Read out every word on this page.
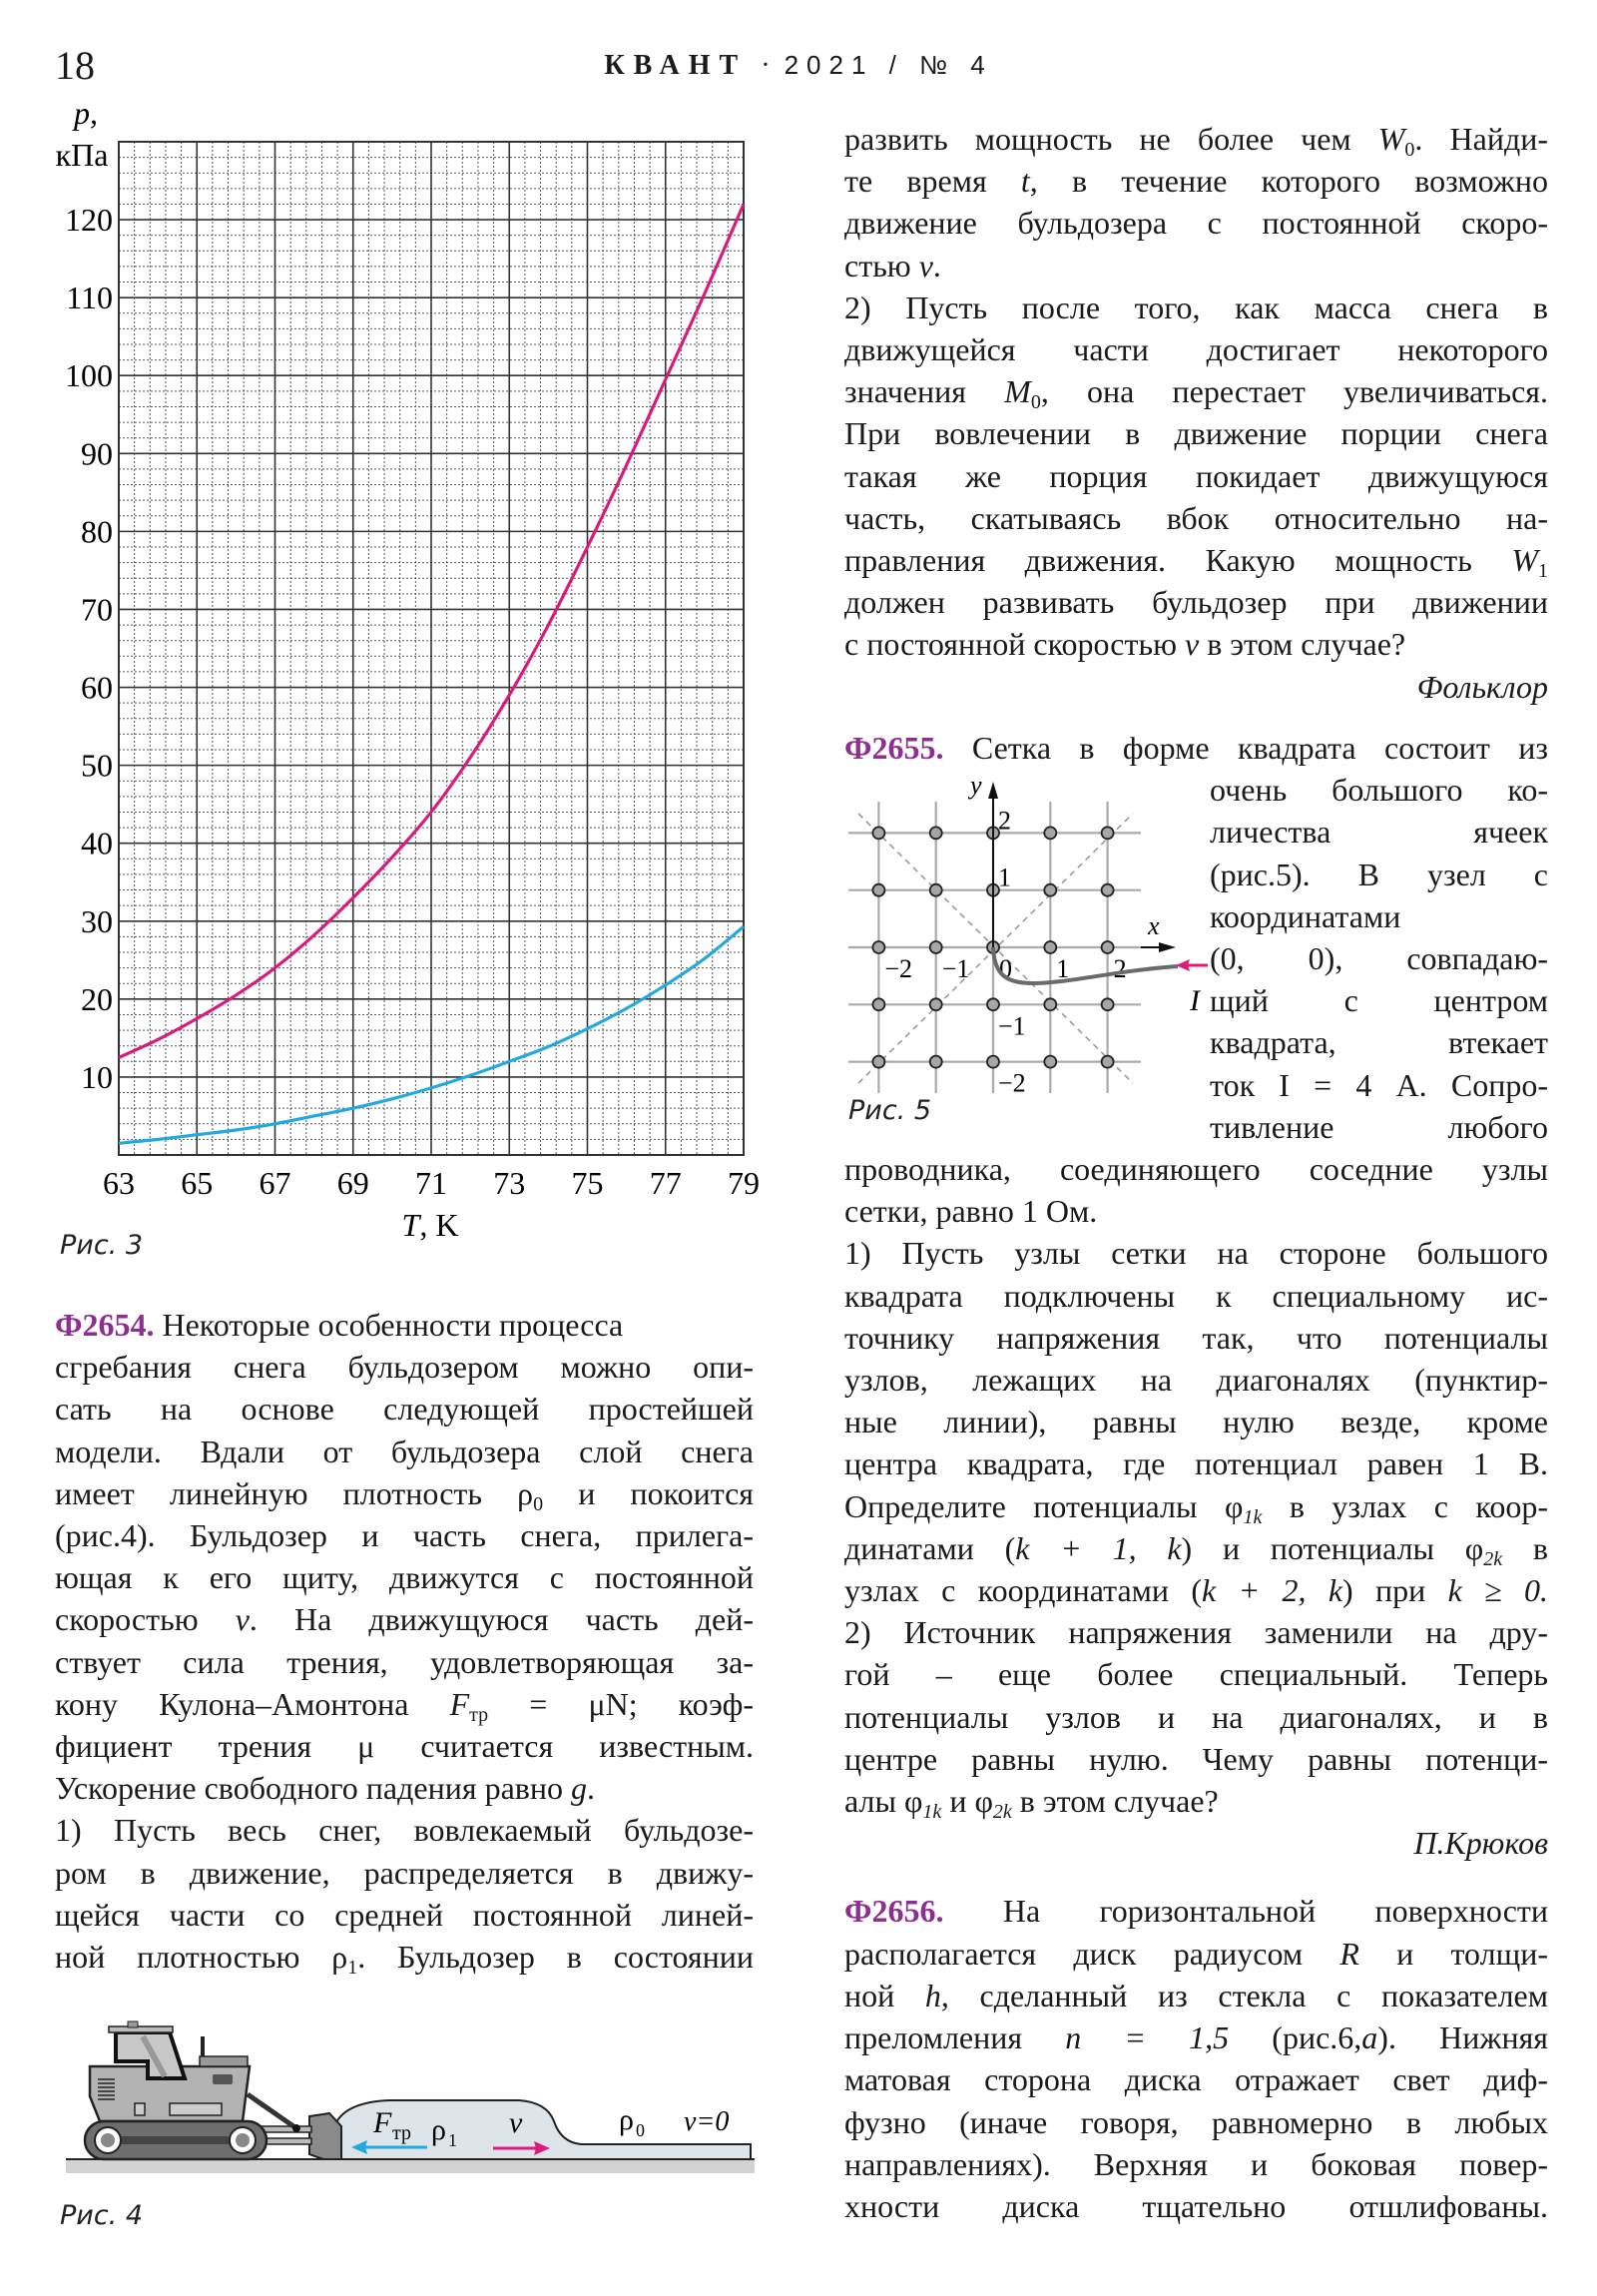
18	КВАНТ · 2021 / № 4
10
20
30
40
50
60
70
80
90
100
110
120
63 65 67 69 71 73 75 77 79
p,
кПа
T, K
Рис. 3

Ф2654. Некоторые особенности процесса

сгребания снега бульдозером можно опи-

сать на основе следующей простейшей

модели. Вдали от бульдозера слой снега

имеет линейную плотность $\rho_0$ и покоится

(рис.4). Бульдозер и часть снега, прилега-

ющая к его щиту, движутся с постоянной

скоростью v. На движущуюся часть дей-

ствует сила трения, удовлетворяющая за-

кону Кулона–Амонтона $F_{тр} = \mu N$; коэф-

фициент трения μ считается известным.

Ускорение свободного падения равно g.

1) Пусть весь снег, вовлекаемый бульдозе-

ром в движение, распределяется в движу-

щейся части со средней постоянной линей-

ной плотностью $\rho_1$. Бульдозер в состоянии

F тр ρ 1
v	ρ 0 v=0
Рис. 4

развить мощность не более чем $W_0$. Найди-

те время t, в течение которого возможно

движение бульдозера с постоянной скоро-

стью v.

2) Пусть после того, как масса снега в

движущейся части достигает некоторого

значения $M_0$, она перестает увеличиваться.

При вовлечении в движение порции снега

такая же порция покидает движущуюся

часть, скатываясь вбок относительно на-

правления движения. Какую мощность $W_1$

должен развивать бульдозер при движении

с постоянной скоростью v в этом случае?

Фольклор

Ф2655. Сетка в форме квадрата состоит из

очень большого ко-

личества ячеек

(рис.5). В узел с

координатами

(0, 0), совпадаю-

щий с центром

квадрата, втекает

ток I = 4 А. Сопро-

тивление любого

проводника, соединяющего соседние узлы

сетки, равно 1 Ом.

1) Пусть узлы сетки на стороне большого

квадрата подключены к специальному ис-

точнику напряжения так, что потенциалы

узлов, лежащих на диагоналях (пунктир-

ные линии), равны нулю везде, кроме

центра квадрата, где потенциал равен 1 В.

Определите потенциалы $\varphi_{1k}$ в узлах с коор-

динатами (k + 1, k) и потенциалы $\varphi_{2k}$ в

узлах с координатами (k + 2, k) при k ≥ 0.

2) Источник напряжения заменили на дру-

гой – еще более специальный. Теперь

потенциалы узлов и на диагоналях, и в

центре равны нулю. Чему равны потенци-

алы $\varphi_{1k}$ и $\varphi_{2k}$ в этом случае?

П.Крюков

Ф2656. На горизонтальной поверхности

располагается диск радиусом R и толщи-

ной h, сделанный из стекла с показателем

преломления n = 1,5 (рис.6,a). Нижняя

матовая сторона диска отражает свет диф-

фузно (иначе говоря, равномерно в любых

направлениях). Верхняя и боковая повер-

хности диска тщательно отшлифованы.

y
x
−2 −1 0 1 2
2
1
−1
−2
I
Рис. 5
